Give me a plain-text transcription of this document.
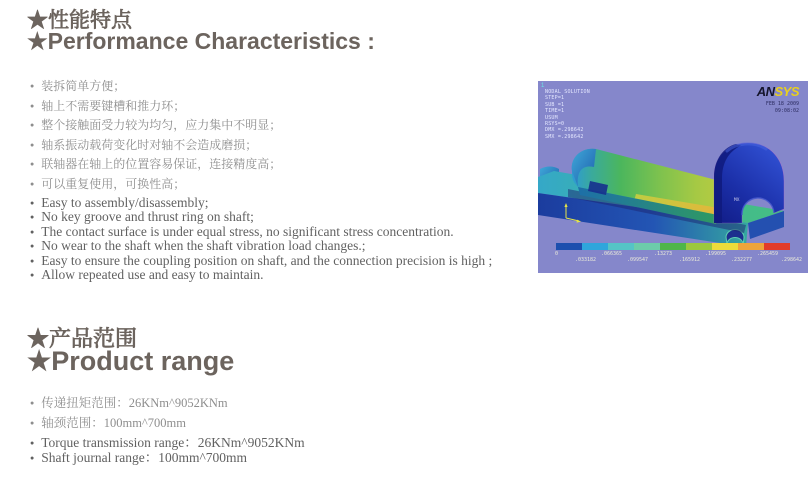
★性能特点
★Performance Characteristics :
● 装拆简单方便；
● 轴上不需要键槽和推力环；
● 整个接触面受力较为均匀，应力集中不明显；
● 轴系振动载荷变化时对轴不会造成磨损；
● 联轴器在轴上的位置容易保证，连接精度高；
● 可以重复使用，可换性高；
● Easy to assembly/disassembly;
● No key groove and thrust ring on shaft;
● The contact surface is under equal stress, no significant stress concentration.
● No wear to the shaft when the shaft vibration load changes.;
● Easy to ensure the coupling position on shaft, and the connection precision is high ;
● Allow repeated use and easy to maintain.
★产品范围
★Product range
● 传递扭矩范围：26KNm^9052KNm
● 轴颈范围：100mm^700mm
● Torque transmission range：26KNm^9052KNm
● Shaft journal range：100mm^700mm
MX
1
NODAL SOLUTION
STEP=1
SUB =1
TIME=1
USUM
RSYS=0
DMX =.298642
SMX =.298642
ANSYS
FEB 18 2009
09:08:02
0	.066365	.13273	.199095	.265459
.033182	.099547	.165912	.232277	.298642
